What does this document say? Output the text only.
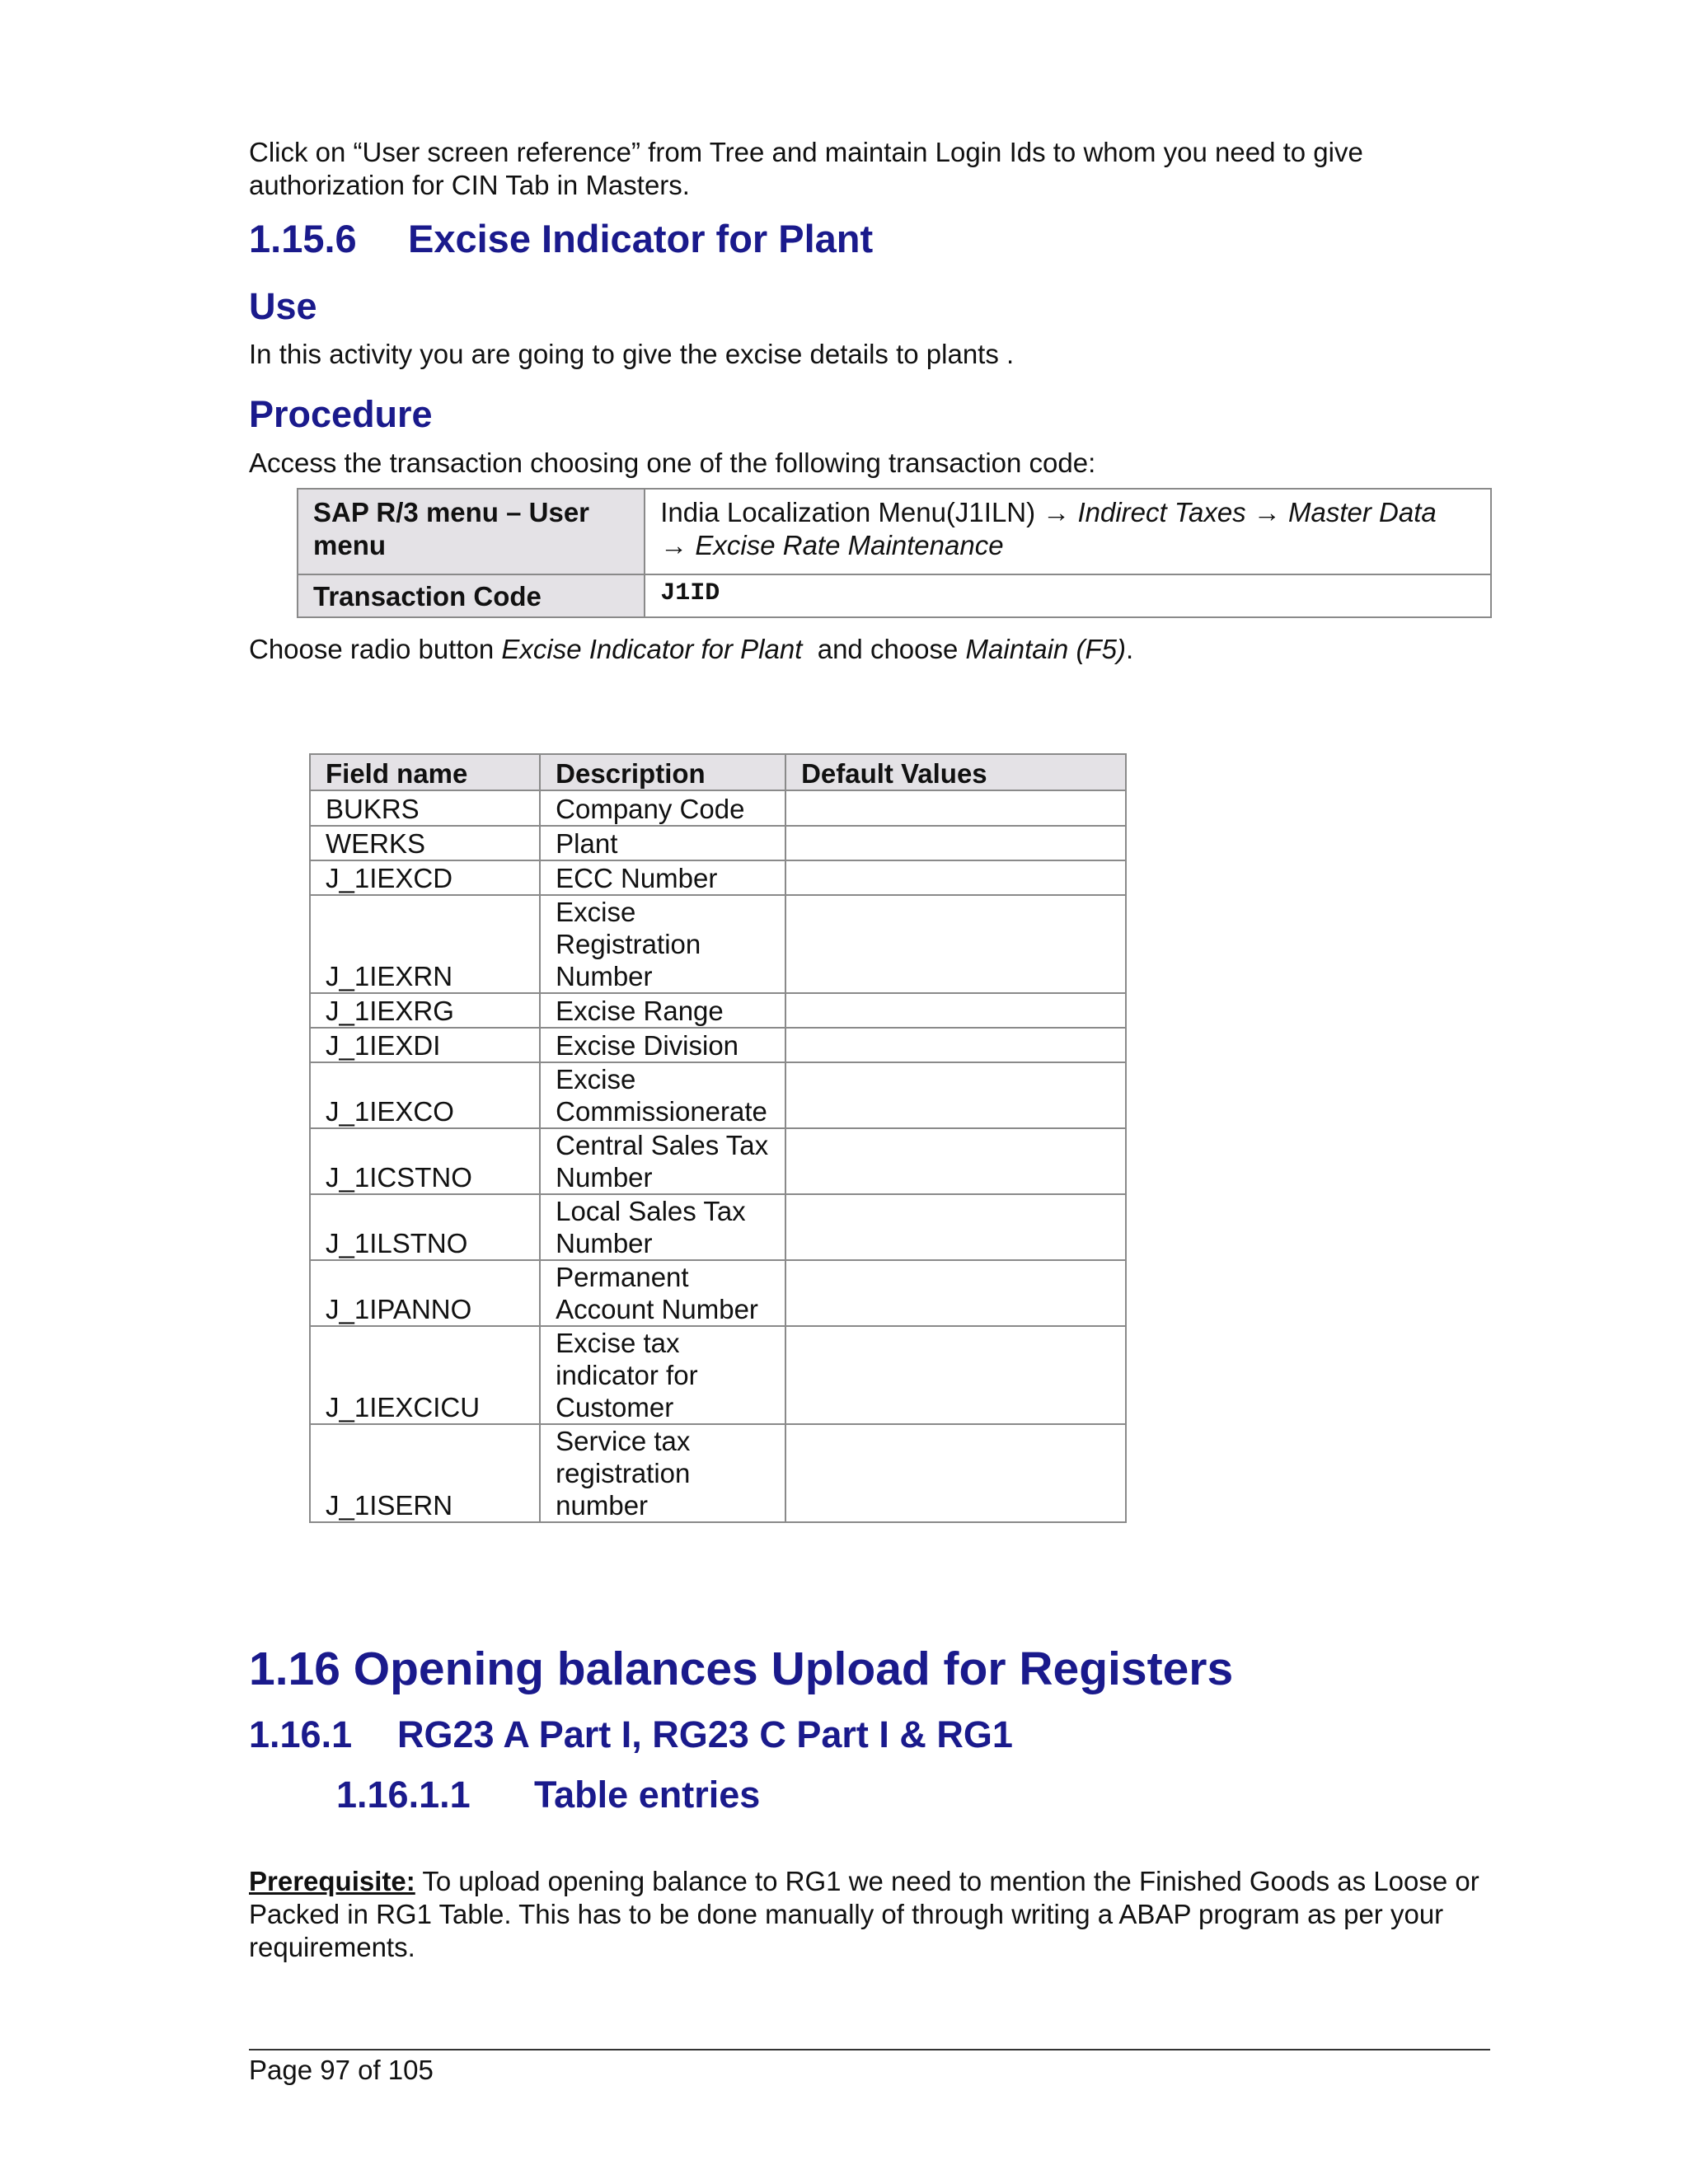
Click on “User screen reference” from Tree and maintain Login Ids to whom you need to give authorization for CIN Tab in Masters.
1.15.6 Excise Indicator for Plant
Use
In this activity you are going to give the excise details to plants .
Procedure
Access the transaction choosing one of the following transaction code:
SAP R/3 menu – User menu	India Localization Menu(J1ILN) → Indirect Taxes → Master Data
→ Excise Rate Maintenance
Transaction Code	J1ID
Choose radio button Excise Indicator for Plant  and choose Maintain (F5).
Field name	Description	Default Values
BUKRS	Company Code	
WERKS	Plant	
J_1IEXCD	ECC Number	
J_1IEXRN	Excise Registration Number	
J_1IEXRG	Excise Range	
J_1IEXDI	Excise Division	
J_1IEXCO	Excise Commissionerate	
J_1ICSTNO	Central Sales Tax Number	
J_1ILSTNO	Local Sales Tax Number	
J_1IPANNO	Permanent Account Number	
J_1IEXCICU	Excise tax indicator for Customer	
J_1ISERN	Service tax registration number	
1.16 Opening balances Upload for Registers
1.16.1 RG23 A Part I, RG23 C Part I & RG1
1.16.1.1 Table entries
Prerequisite: To upload opening balance to RG1 we need to mention the Finished Goods as Loose or Packed in RG1 Table. This has to be done manually of through writing a ABAP program as per your requirements.
Page 97 of 105
